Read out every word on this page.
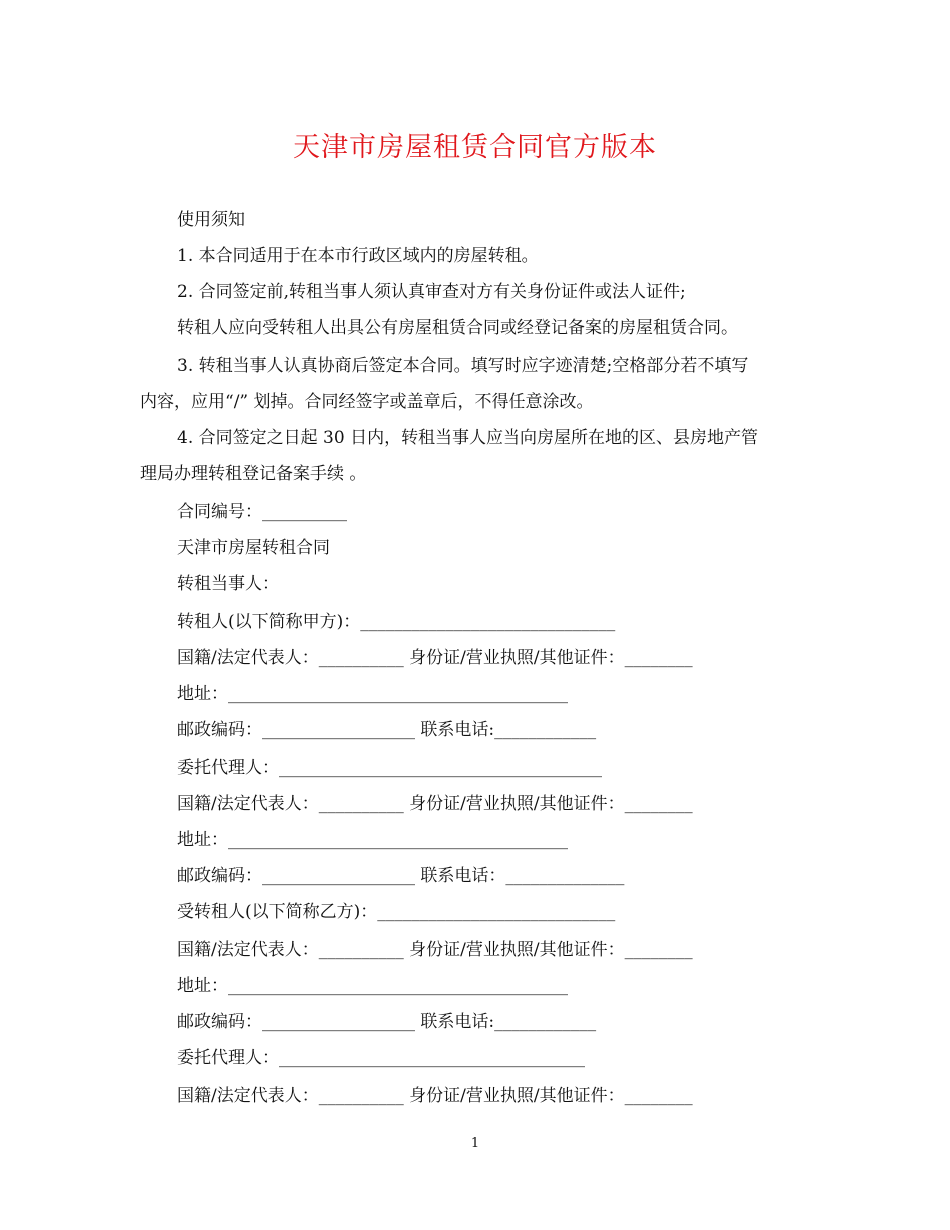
天津市房屋租赁合同官方版本
使用须知
1. 本合同适用于在本市行政区域内的房屋转租。
2. 合同签定前,转租当事人须认真审查对方有关身份证件或法人证件;
转租人应向受转租人出具公有房屋租赁合同或经登记备案的房屋租赁合同。
3. 转租当事人认真协商后签定本合同。填写时应字迹清楚;空格部分若不填写
内容，应用“/” 划掉。合同经签字或盖章后，不得任意涂改。
4. 合同签定之日起 30 日内，转租当事人应当向房屋所在地的区、县房地产管
理局办理转租登记备案手续 。
合同编号：__________
天津市房屋转租合同
转租当事人：
转租人(以下简称甲方)：______________________________
国籍/法定代表人：__________ 身份证/营业执照/其他证件：________
地址：________________________________________
邮政编码：__________________ 联系电话:____________
委托代理人：______________________________________
国籍/法定代表人：__________ 身份证/营业执照/其他证件：________
地址：________________________________________
邮政编码：__________________ 联系电话：______________
受转租人(以下简称乙方)：____________________________
国籍/法定代表人：__________ 身份证/营业执照/其他证件：________
地址：________________________________________
邮政编码：__________________ 联系电话:____________
委托代理人：____________________________________
国籍/法定代表人：__________ 身份证/营业执照/其他证件：________
1
